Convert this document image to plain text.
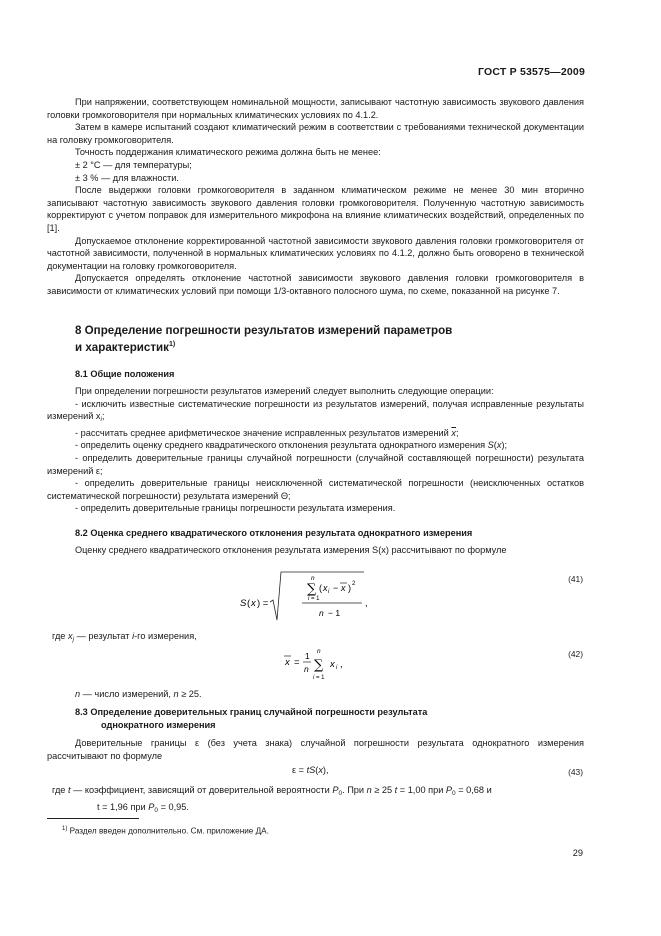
ГОСТ Р 53575—2009

При напряжении, соответствующем номинальной мощности, записывают частотную зависимость звукового давления головки громкоговорителя при нормальных климатических условиях по 4.1.2.

Затем в камере испытаний создают климатический режим в соответствии с требованиями технической документации на головку громкоговорителя.

Точность поддержания климатического режима должна быть не менее:

± 2 °С — для температуры;

± 3 % — для влажности.

После выдержки головки громкоговорителя в заданном климатическом режиме не менее 30 мин вторично записывают частотную зависимость звукового давления головки громкоговорителя. Полученную частотную зависимость корректируют с учетом поправок для измерительного микрофона на влияние климатических воздействий, определенных по [1].

Допускаемое отклонение корректированной частотной зависимости звукового давления головки громкоговорителя от частотной зависимости, полученной в нормальных климатических условиях по 4.1.2, должно быть оговорено в технической документации на головку громкоговорителя.

Допускается определять отклонение частотной зависимости звукового давления головки громкоговорителя в зависимости от климатических условий при помощи 1/3-октавного полосного шума, по схеме, показанной на рисунке 7.

8 Определение погрешности результатов измерений параметров
и характеристик$^{1)}$
8.1 Общие положения

При определении погрешности результатов измерений следует выполнить следующие операции:

- исключить известные систематические погрешности из результатов измерений, получая исправленные результаты измерений $x_i$;

- рассчитать среднее арифметическое значение исправленных результатов измерений $\overline{x}$;

- определить оценку среднего квадратического отклонения результата однократного измерения S(x);

- определить доверительные границы случайной погрешности (случайной составляющей погрешности) результата измерений ε;

- определить доверительные границы неисключенной систематической погрешности (неисключенных остатков систематической погрешности) результата измерений Θ;

- определить доверительные границы погрешности результата измерения.

8.2 Оценка среднего квадратического отклонения результата однократного измерения

Оценку среднего квадратического отклонения результата измерения S(x) рассчитывают по формуле

S ( x ) =
n
∑
i = 1
( x i − x ) 2
n − 1
,
(41)
где $x_j$ — результат i-го измерения,
x =
1
n
n
∑
i = 1
x i ,
(42)
n — число измерений, n ≥ 25.
8.3 Определение доверительных границ случайной погрешности результата
однократного измерения

Доверительные границы ε (без учета знака) случайной погрешности результата однократного измерения рассчитывают по формуле

ε = tS(x),	(43)
где t — коэффициент, зависящий от доверительной вероятности $P_0$. При n ≥ 25 t = 1,00 при $P_0 = 0,68$ и
t = 1,96 при $P_0 = 0,95$.
$^{1)}$ Раздел введен дополнительно. См. приложение ДА.
29
